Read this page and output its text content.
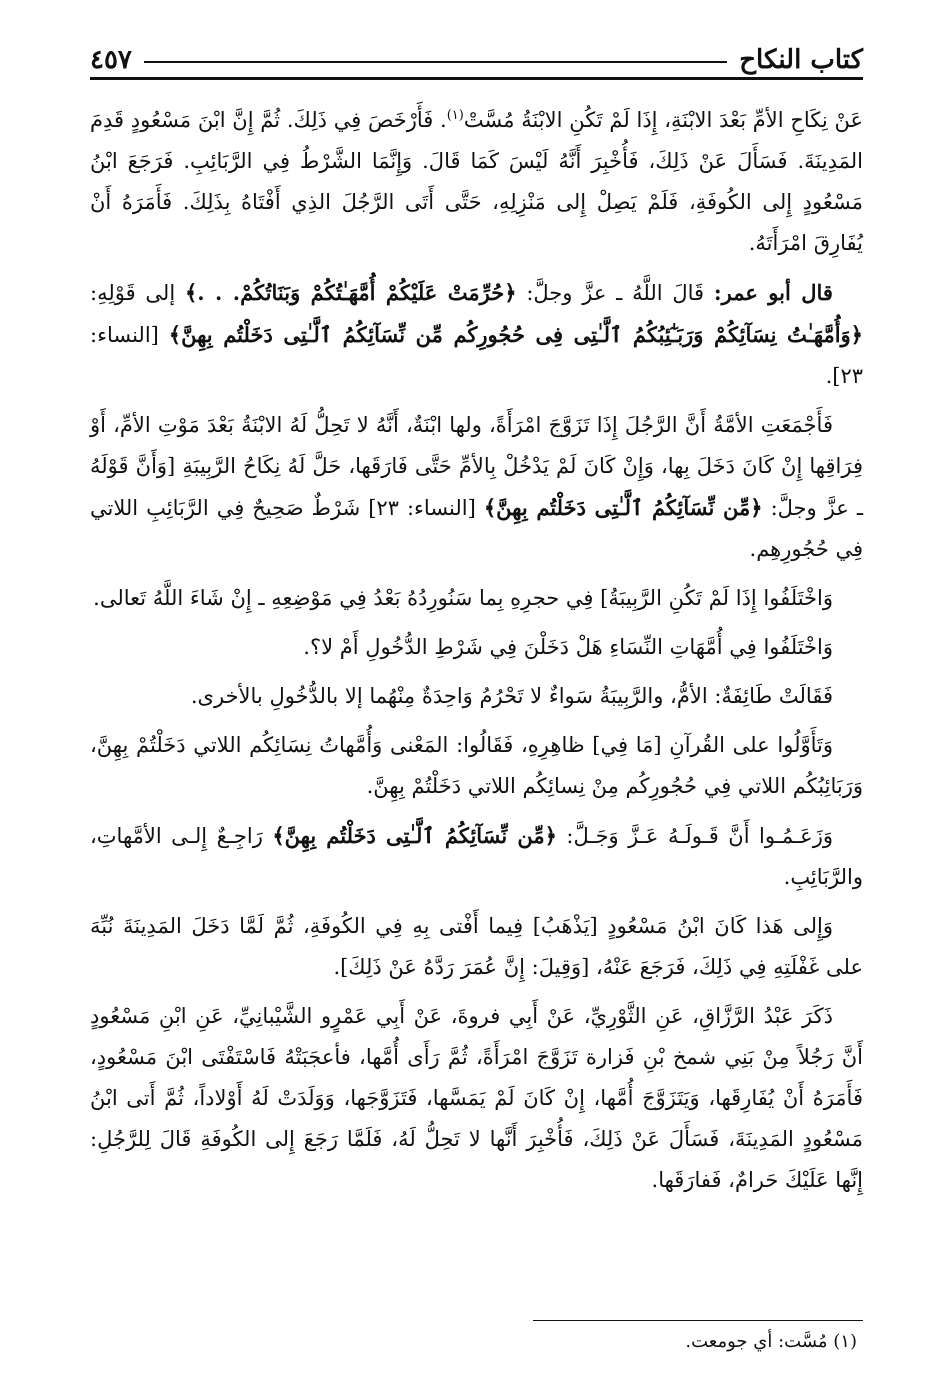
كتاب النكاح
٤٥٧

عَنْ نِكَاحِ الأمِّ بَعْدَ الابْنَةِ، إِذَا لَمْ تَكُنِ الابْنَةُ مُسَّتْ$^{(١)}$. فَأَرْخَصَ فِي ذَلِكَ. ثُمَّ إِنَّ ابْنَ مَسْعُودٍ قَدِمَ المَدِينَةَ. فَسَأَلَ عَنْ ذَلِكَ، فَأُخْبِرَ أَنَّهُ لَيْسَ كَمَا قَالَ. وَإِنَّمَا الشَّرْطُ فِي الرَّبَائِبِ. فَرَجَعَ ابْنُ مَسْعُودٍ إِلى الكُوفَةِ، فَلَمْ يَصِلْ إِلى مَنْزِلِهِ، حَتَّى أَتَى الرَّجُلَ الذِي أَفْتَاهُ بِذَلِكَ. فَأَمَرَهُ أَنْ يُفَارِقَ امْرَأَتَهُ.

قال أبو عمر: قَالَ اللَّهُ ـ عزَّ وجلَّ: ﴿حُرِّمَتْ عَلَيْكُمْ أُمَّهَـٰتُكُمْ وَبَنَاتُكُمْ. . .﴾ إلى قَوْلِهِ: ﴿وَأُمَّهَـٰتُ نِسَآئِكُمْ وَرَبَـٰٓئِبُكُمُ ٱلَّـٰتِى فِى حُجُورِكُم مِّن نِّسَآئِكُمُ ٱلَّـٰتِى دَخَلْتُم بِهِنَّ﴾ [النساء: ٢٣].

فَأَجْمَعَتِ الأمَّةُ أَنَّ الرَّجُلَ إِذَا تَزَوَّجَ امْرَأَةً، ولها ابْنَةٌ، أَنَّهُ لا تَحِلُّ لَهُ الابْنَةُ بَعْدَ مَوْتِ الأمِّ، أَوْ فِرَاقِها إِنْ كَانَ دَخَلَ بِها، وَإِنْ كَانَ لَمْ يَدْخُلْ بِالأمِّ حَتَّى فَارَقَها، حَلَّ لَهُ نِكَاحُ الرَّبِيبَةِ [وَأَنَّ قَوْلَهُ ـ عزَّ وجلَّ: ﴿مِّن نِّسَآئِكُمُ ٱلَّـٰتِى دَخَلْتُم بِهِنَّ﴾ [النساء: ٢٣] شَرْطٌ صَحِيحٌ فِي الرَّبَائِبِ اللاتي فِي حُجُورِهِم.

وَاخْتَلَفُوا إِذَا لَمْ تَكُنِ الرَّبِيبَةُ] فِي حجرِهِ بِما سَنُورِدُهُ بَعْدُ فِي مَوْضِعِهِ ـ إِنْ شَاءَ اللَّهُ تَعالى.

وَاخْتَلَفُوا فِي أُمَّهَاتِ النِّسَاءِ هَلْ دَخَلْنَ فِي شَرْطِ الدُّخُولِ أَمْ لا؟.

فَقَالَتْ طَائِفَةٌ: الأمُّ، والرَّبِيبَةُ سَواءٌ لا تَحْرُمُ وَاحِدَةٌ مِنْهُما إلا بالدُّخُولِ بالأخرى.

وَتَأَوَّلُوا على القُرآنِ [مَا فِي] ظاهِرِهِ، فَقَالُوا: المَعْنى وَأُمَّهاتُ نِسَائِكُم اللاتي دَخَلْتُمْ بِهِنَّ، وَرَبَائِبُكُم اللاتي فِي حُجُورِكُم مِنْ نِسائِكُم اللاتي دَخَلْتُمْ بِهِنَّ.

وَزَعَـمُـوا أَنَّ قَـولَـهُ عَـزَّ وَجَـلَّ: ﴿مِّن نِّسَآئِكُمُ ٱلَّـٰتِى دَخَلْتُم بِهِنَّ﴾ رَاجِـعٌ إِلـى الأمَّهاتِ، والرَّبَائِبِ.

وَإِلى هَذا كَانَ ابْنُ مَسْعُودٍ [يَذْهَبُ] فِيما أَفْتى بِهِ فِي الكُوفَةِ، ثُمَّ لَمَّا دَخَلَ المَدِينَةَ نُبِّهَ على غَفْلَتِهِ فِي ذَلِكَ، فَرَجَعَ عَنْهُ، [وَقِيلَ: إِنَّ عُمَرَ رَدَّهُ عَنْ ذَلِكَ].

ذَكَرَ عَبْدُ الرَّزَّاقِ، عَنِ الثَّوْرِيِّ، عَنْ أَبِي فروةَ، عَنْ أَبِي عَمْرٍو الشَّيْبانِيِّ، عَنِ ابْنِ مَسْعُودٍ أَنَّ رَجُلاً مِنْ بَنِي شمخ بْنِ فَزارة تَزَوَّجَ امْرَأَةً، ثُمَّ رَأَى أُمَّها، فأعجَبَتْهُ فَاسْتَفْتَى ابْنَ مَسْعُودٍ، فَأَمَرَهُ أَنْ يُفَارِقَها، وَيَتَزَوَّجَ أُمَّها، إِنْ كَانَ لَمْ يَمَسَّها، فَتَزَوَّجَها، وَوَلَدَتْ لَهُ أَوْلاداً، ثُمَّ أَتى ابْنُ مَسْعُودٍ المَدِينَةَ، فَسَأَلَ عَنْ ذَلِكَ، فَأُخْبِرَ أَنَّها لا تَحِلُّ لَهُ، فَلَمَّا رَجَعَ إِلى الكُوفَةِ قَالَ لِلرَّجُلِ: إِنَّها عَلَيْكَ حَرامٌ، فَفارَقَها.

(١) مُسَّت: أي جومعت.
